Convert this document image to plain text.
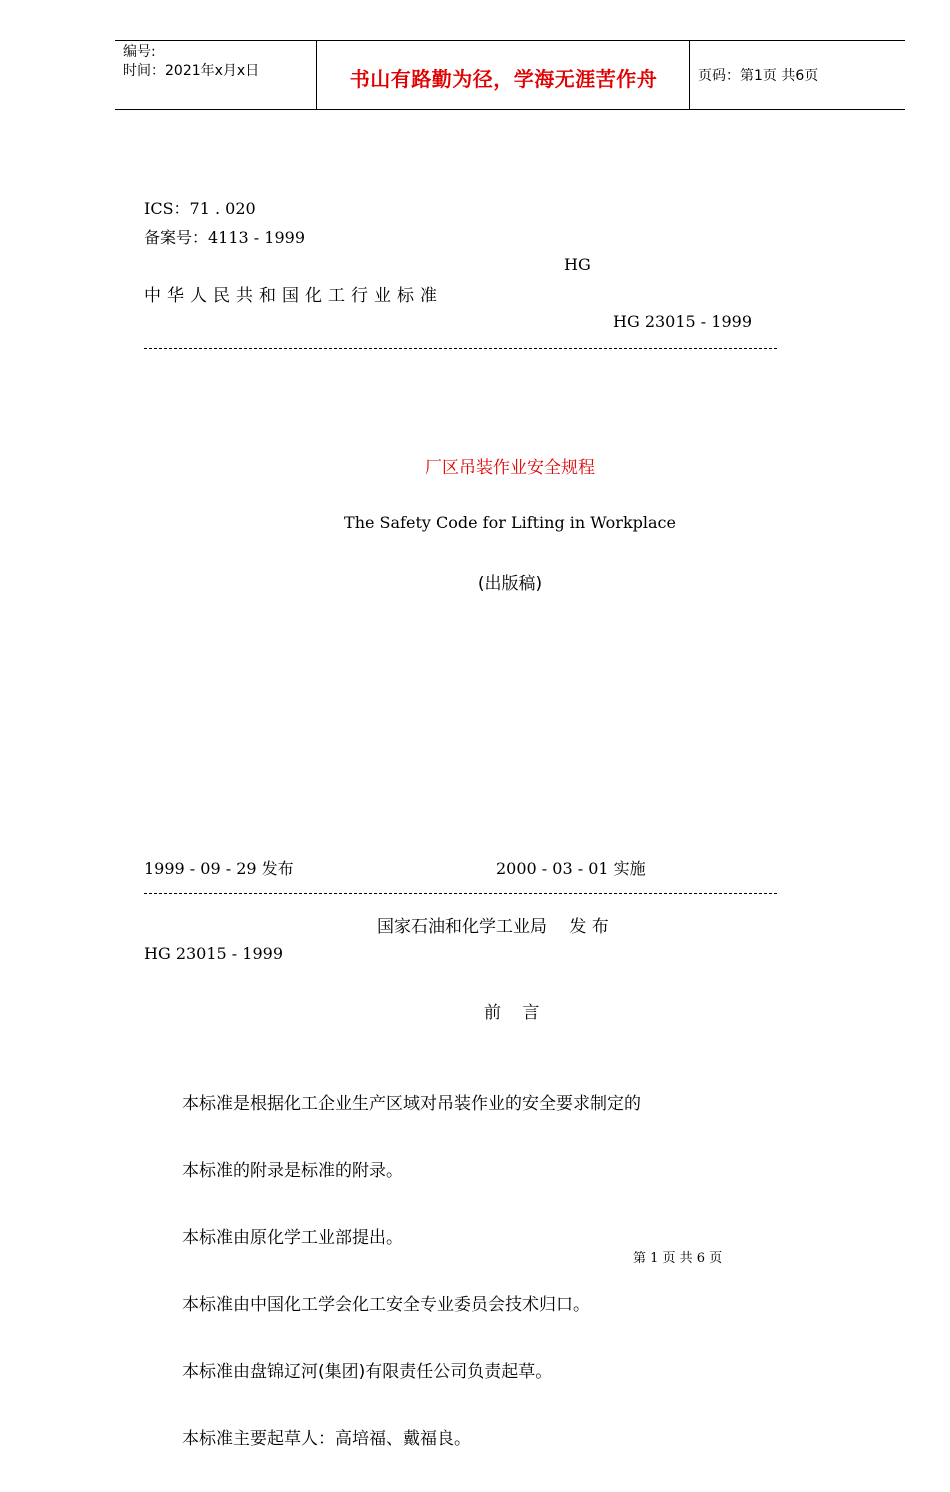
编号:
时间：2021年x月x日	书山有路勤为径，学海无涯苦作舟	页码：第1页 共6页
ICS：71 . 020
备案号：4113 - 1999
HG
中华人民共和国化工行业标准
HG 23015 - 1999
厂区吊装作业安全规程
The Safety Code for Lifting in Workplace
(出版稿)
1999 - 09 - 29 发布	2000 - 03 - 01 实施
国家石油和化学工业局　 发 布
HG 23015 - 1999
前 言

本标准是根据化工企业生产区域对吊装作业的安全要求制定的

本标准的附录是标准的附录。

本标准由原化学工业部提出。

本标准由中国化工学会化工安全专业委员会技术归口。

本标准由盘锦辽河(集团)有限责任公司负责起草。

本标准主要起草人：高培福、戴福良。

第 1 页 共 6 页
